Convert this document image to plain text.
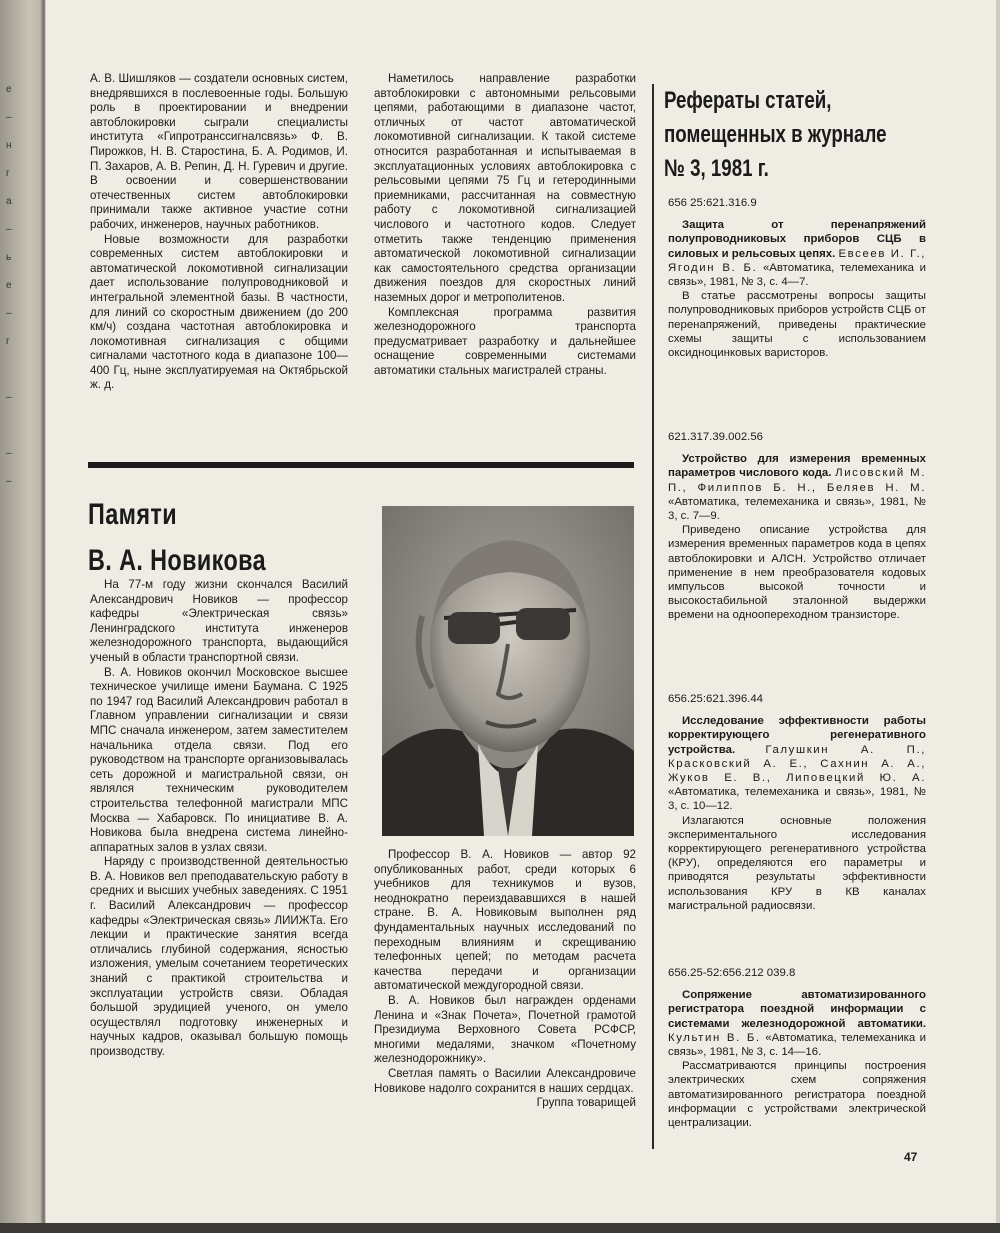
е
–
н
г
а
–
ь
е
–
г
–
–
–

А. В. Шишляков — создатели основных систем, внедрявшихся в послевоенные годы. Большую роль в проектировании и внедрении автоблокировки сыграли специалисты института «Гипротранссигналсвязь» Ф. В. Пирожков, Н. В. Старостина, Б. А. Родимов, И. П. Захаров, А. В. Репин, Д. Н. Гуревич и другие. В освоении и совершенствовании отечественных систем автоблокировки принимали также активное участие сотни рабочих, инженеров, научных работников.

Новые возможности для разработки современных систем автоблокировки и автоматической локомотивной сигнализации дает использование полупроводниковой и интегральной элементной базы. В частности, для линий со скоростным движением (до 200 км/ч) создана частотная автоблокировка и локомотивная сигнализация с общими сигналами частотного кода в диапазоне 100—400 Гц, ныне эксплуатируемая на Октябрьской ж. д.

Наметилось направление разработки автоблокировки с автономными рельсовыми цепями, работающими в диапазоне частот, отличных от частот автоматической локомотивной сигнализации. К такой системе относится разработанная и испытываемая в эксплуатационных условиях автоблокировка с рельсовыми цепями 75 Гц и гетеродинными приемниками, рассчитанная на совместную работу с локомотивной сигнализацией числового и частотного кодов. Следует отметить также тенденцию применения автоматической локомотивной сигнализации как самостоятельного средства организации движения поездов для скоростных линий наземных дорог и метрополитенов.

Комплексная программа развития железнодорожного транспорта предусматривает разработку и дальнейшее оснащение современными системами автоматики стальных магистралей страны.

Памяти
В. А. Новикова

На 77-м году жизни скончался Василий Александрович Новиков — профессор кафедры «Электрическая связь» Ленинградского института инженеров железнодорожного транспорта, выдающийся ученый в области транспортной связи.

В. А. Новиков окончил Московское высшее техническое училище имени Баумана. С 1925 по 1947 год Василий Александрович работал в Главном управлении сигнализации и связи МПС сначала инженером, затем заместителем начальника отдела связи. Под его руководством на транспорте организовывалась сеть дорожной и магистральной связи, он являлся техническим руководителем строительства телефонной магистрали МПС Москва — Хабаровск. По инициативе В. А. Новикова была внедрена система линейно-аппаратных залов в узлах связи.

Наряду с производственной деятельностью В. А. Новиков вел преподавательскую работу в средних и высших учебных заведениях. С 1951 г. Василий Александрович — профессор кафедры «Электрическая связь» ЛИИЖТа. Его лекции и практические занятия всегда отличались глубиной содержания, ясностью изложения, умелым сочетанием теоретических знаний с практикой строительства и эксплуатации устройств связи. Обладая большой эрудицией ученого, он умело осуществлял подготовку инженерных и научных кадров, оказывал большую помощь производству.

Профессор В. А. Новиков — автор 92 опубликованных работ, среди которых 6 учебников для техникумов и вузов, неоднократно переиздававшихся в нашей стране. В. А. Новиковым выполнен ряд фундаментальных научных исследований по переходным влияниям и скрещиванию телефонных цепей; по методам расчета качества передачи и организации автоматической междугородной связи.

В. А. Новиков был награжден орденами Ленина и «Знак Почета», Почетной грамотой Президиума Верховного Совета РСФСР, многими медалями, значком «Почетному железнодорожнику».

Светлая память о Василии Александровиче Новикове надолго сохранится в наших сердцах.

Группа товарищей

Рефераты статей,
помещенных в журнале
№ 3, 1981 г.

656 25:621.316.9

Защита от перенапряжений полупроводниковых приборов СЦБ в силовых и рельсовых цепях. Евсеев И. Г., Ягодин В. Б. «Автоматика, телемеханика и связь», 1981, № 3, с. 4—7.

В статье рассмотрены вопросы защиты полупроводниковых приборов устройств СЦБ от перенапряжений, приведены практические схемы защиты с использованием оксидноцинковых варисторов.

621.317.39.002.56

Устройство для измерения временных параметров числового кода. Лисовский М. П., Филиппов Б. Н., Беляев Н. М. «Автоматика, телемеханика и связь», 1981, № 3, с. 7—9.

Приведено описание устройства для измерения временных параметров кода в цепях автоблокировки и АЛСН. Устройство отличает применение в нем преобразователя кодовых импульсов высокой точности и высокостабильной эталонной выдержки времени на одноопереходном транзисторе.

656.25:621.396.44

Исследование эффективности работы корректирующего регенеративного устройства.	Галушкин А. П., Красковский А. Е., Сахнин А. А., Жуков Е. В., Липовецкий Ю. А. «Автоматика, телемеханика и связь», 1981, № 3, с. 10—12.

Излагаются основные положения экспериментального исследования корректирующего регенеративного устройства (КРУ), определяются его параметры и приводятся результаты эффективности использования КРУ в КВ каналах магистральной радиосвязи.

656.25-52:656.212 039.8

Сопряжение автоматизированного регистратора поездной информации с системами железнодорожной автоматики. Культин В. Б. «Автоматика, телемеханика и связь», 1981, № 3, с. 14—16.

Рассматриваются принципы построения электрических схем сопряжения автоматизированного регистратора поездной информации с устройствами электрической централизации.

47
